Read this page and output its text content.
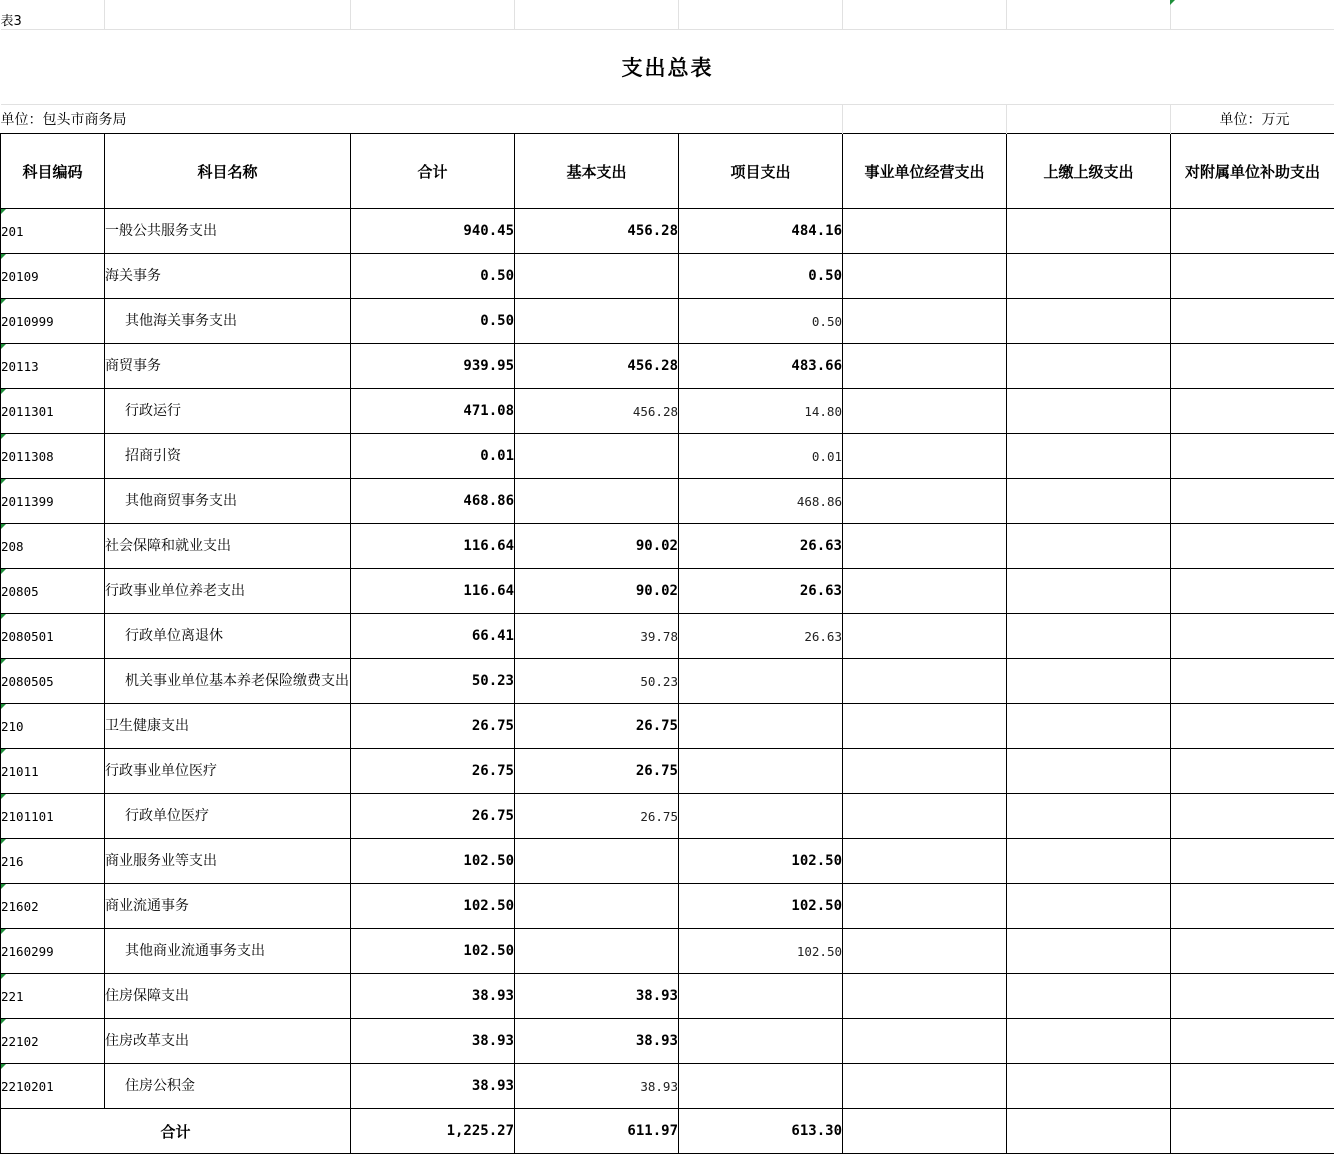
表3							
支出总表							
单位：包头市商务局							单位：万元
科目编码	科目名称	合计	基本支出	项目支出	事业单位经营支出	上缴上级支出	对附属单位补助支出

201	一般公共服务支出	940.45	456.28	484.16			

20109	海关事务	0.50		0.50			

2010999	其他海关事务支出	0.50		0.50			

20113	商贸事务	939.95	456.28	483.66			

2011301	行政运行	471.08	456.28	14.80			

2011308	招商引资	0.01		0.01			

2011399	其他商贸事务支出	468.86		468.86			

208	社会保障和就业支出	116.64	90.02	26.63			

20805	行政事业单位养老支出	116.64	90.02	26.63			

2080501	行政单位离退休	66.41	39.78	26.63			

2080505	机关事业单位基本养老保险缴费支出	50.23	50.23				

210	卫生健康支出	26.75	26.75				

21011	行政事业单位医疗	26.75	26.75				

2101101	行政单位医疗	26.75	26.75				

216	商业服务业等支出	102.50		102.50			

21602	商业流通事务	102.50		102.50			

2160299	其他商业流通事务支出	102.50		102.50			

221	住房保障支出	38.93	38.93				

22102	住房改革支出	38.93	38.93				

2210201	住房公积金	38.93	38.93				
合计		1,225.27	611.97	613.30			
